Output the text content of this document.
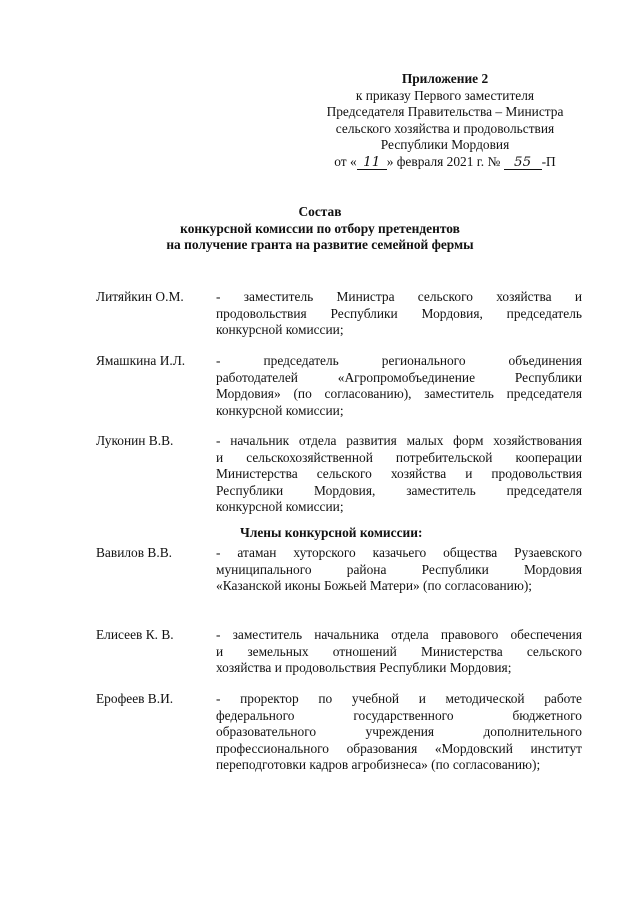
Приложение 2
к приказу Первого заместителя
Председателя Правительства – Министра
сельского хозяйства и продовольствия
Республики Мордовия
от « 11 » февраля 2021 г. № 55 -П
Состав
конкурсной комиссии по отбору претендентов
на получение гранта на развитие семейной фермы
Литяйкин О.М. - заместитель Министра сельского хозяйства и
продовольствия Республики Мордовия, председатель
конкурсной комиссии;
Ямашкина И.Л. - председатель регионального объединения
работодателей «Агропромобъединение Республики
Мордовия» (по согласованию), заместитель председателя
конкурсной комиссии;
Луконин В.В.	- начальник отдела развития малых форм хозяйствования
и сельскохозяйственной потребительской кооперации
Министерства сельского хозяйства и продовольствия
Республики Мордовия, заместитель председателя
конкурсной комиссии;
Члены конкурсной комиссии:
Вавилов В.В.	- атаман хуторского казачьего общества Рузаевского
муниципального района Республики Мордовия
«Казанской иконы Божьей Матери» (по согласованию);
Елисеев К. В.	- заместитель начальника отдела правового обеспечения
и земельных отношений Министерства сельского
хозяйства и продовольствия Республики Мордовия;
Ерофеев В.И.	- проректор по учебной и методической работе
федерального государственного бюджетного
образовательного учреждения дополнительного
профессионального образования «Мордовский институт
переподготовки кадров агробизнеса» (по согласованию);
